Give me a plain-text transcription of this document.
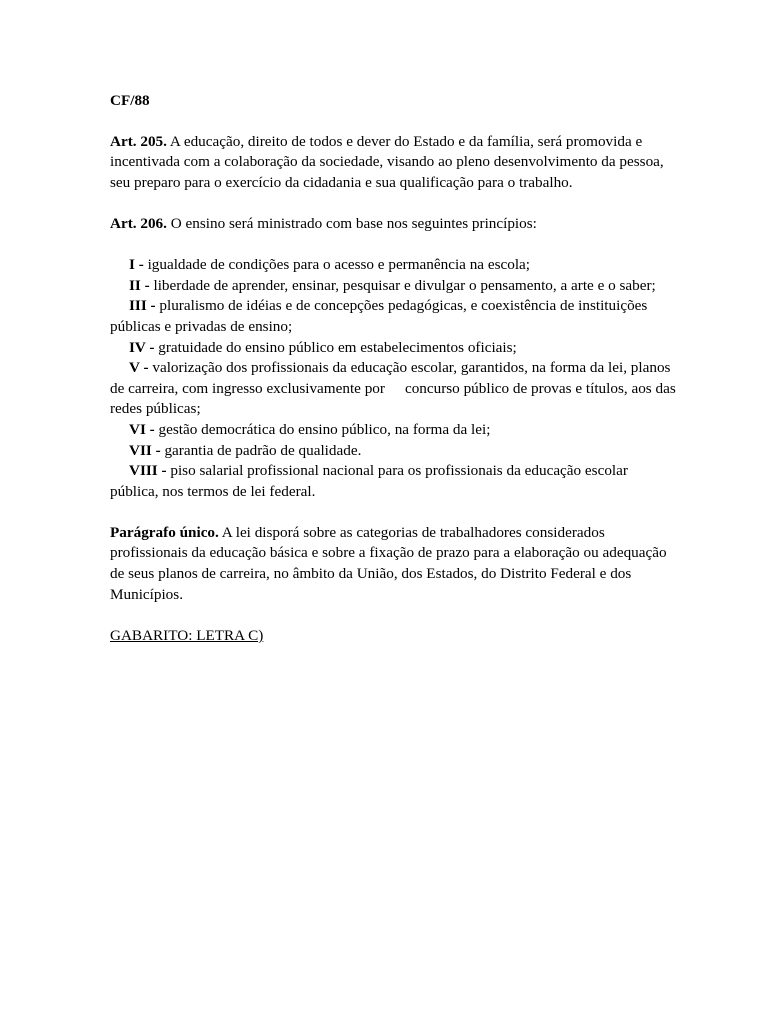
CF/88

Art. 205. A educação, direito de todos e dever do Estado e da família, será promovida e incentivada com a colaboração da sociedade, visando ao pleno desenvolvimento da pessoa, seu preparo para o exercício da cidadania e sua qualificação para o trabalho.

Art. 206. O ensino será ministrado com base nos seguintes princípios:

I - igualdade de condições para o acesso e permanência na escola;

II - liberdade de aprender, ensinar, pesquisar e divulgar o pensamento, a arte e o saber;

III - pluralismo de idéias e de concepções pedagógicas, e coexistência de instituições públicas e privadas de ensino;

IV - gratuidade do ensino público em estabelecimentos oficiais;

V - valorização dos profissionais da educação escolar, garantidos, na forma da lei, planos de carreira, com ingresso exclusivamente por concurso público de provas e títulos, aos das redes públicas;

VI - gestão democrática do ensino público, na forma da lei;

VII - garantia de padrão de qualidade.

VIII - piso salarial profissional nacional para os profissionais da educação escolar pública, nos termos de lei federal.

Parágrafo único. A lei disporá sobre as categorias de trabalhadores considerados profissionais da educação básica e sobre a fixação de prazo para a elaboração ou adequação de seus planos de carreira, no âmbito da União, dos Estados, do Distrito Federal e dos Municípios.

GABARITO: LETRA C)
